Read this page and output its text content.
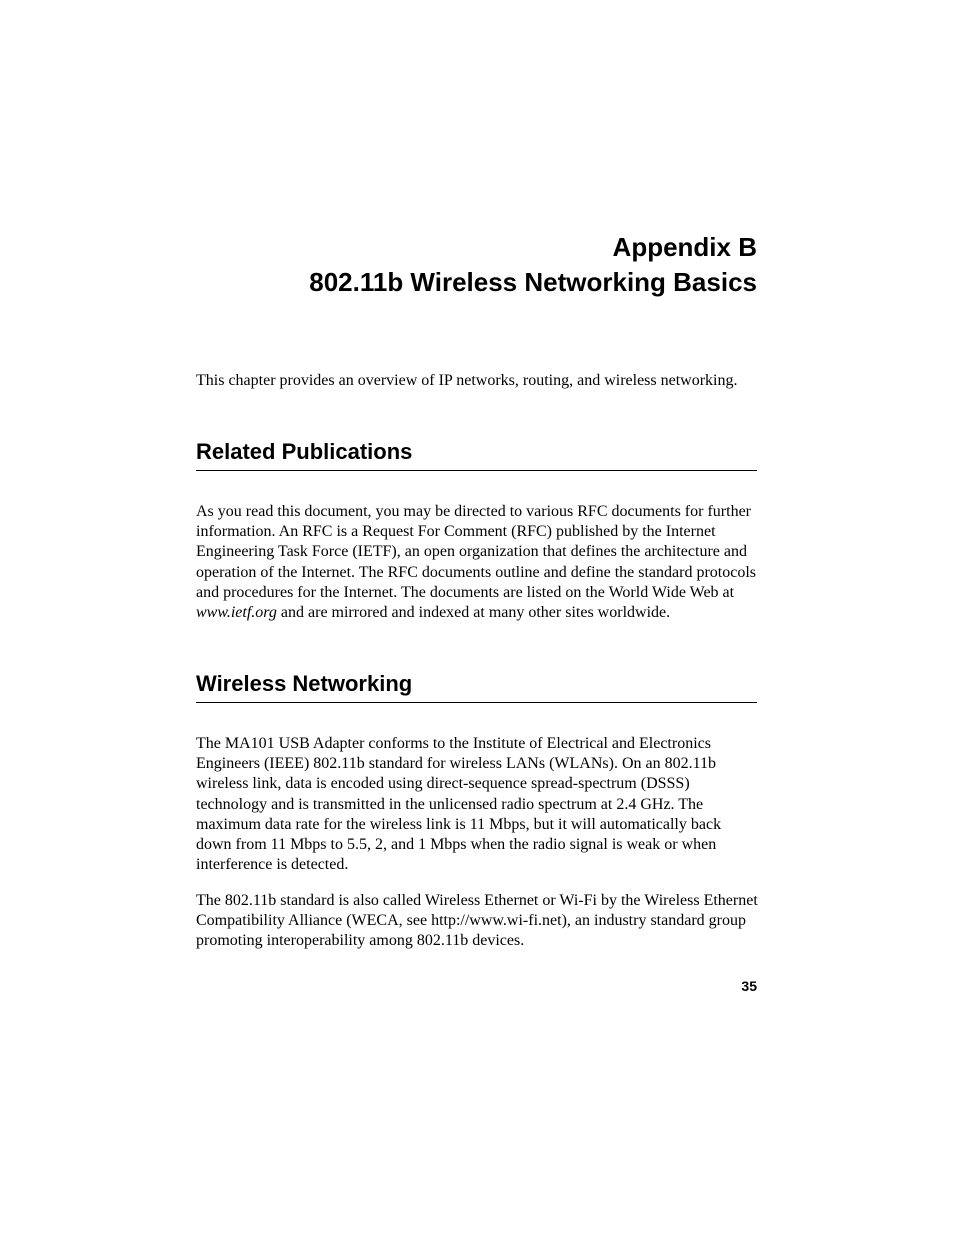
Appendix B
802.11b Wireless Networking Basics

This chapter provides an overview of IP networks, routing, and wireless networking.

Related Publications

As you read this document, you may be directed to various RFC documents for further information. An RFC is a Request For Comment (RFC) published by the Internet Engineering Task Force (IETF), an open organization that defines the architecture and operation of the Internet. The RFC documents outline and define the standard protocols and procedures for the Internet. The documents are listed on the World Wide Web at www.ietf.org and are mirrored and indexed at many other sites worldwide.

Wireless Networking

The MA101 USB Adapter conforms to the Institute of Electrical and Electronics Engineers (IEEE) 802.11b standard for wireless LANs (WLANs). On an 802.11b wireless link, data is encoded using direct-sequence spread-spectrum (DSSS) technology and is transmitted in the unlicensed radio spectrum at 2.4 GHz. The maximum data rate for the wireless link is 11 Mbps, but it will automatically back down from 11 Mbps to 5.5, 2, and 1 Mbps when the radio signal is weak or when interference is detected.

The 802.11b standard is also called Wireless Ethernet or Wi-Fi by the Wireless Ethernet Compatibility Alliance (WECA, see http://www.wi-fi.net), an industry standard group promoting interoperability among 802.11b devices.

35
